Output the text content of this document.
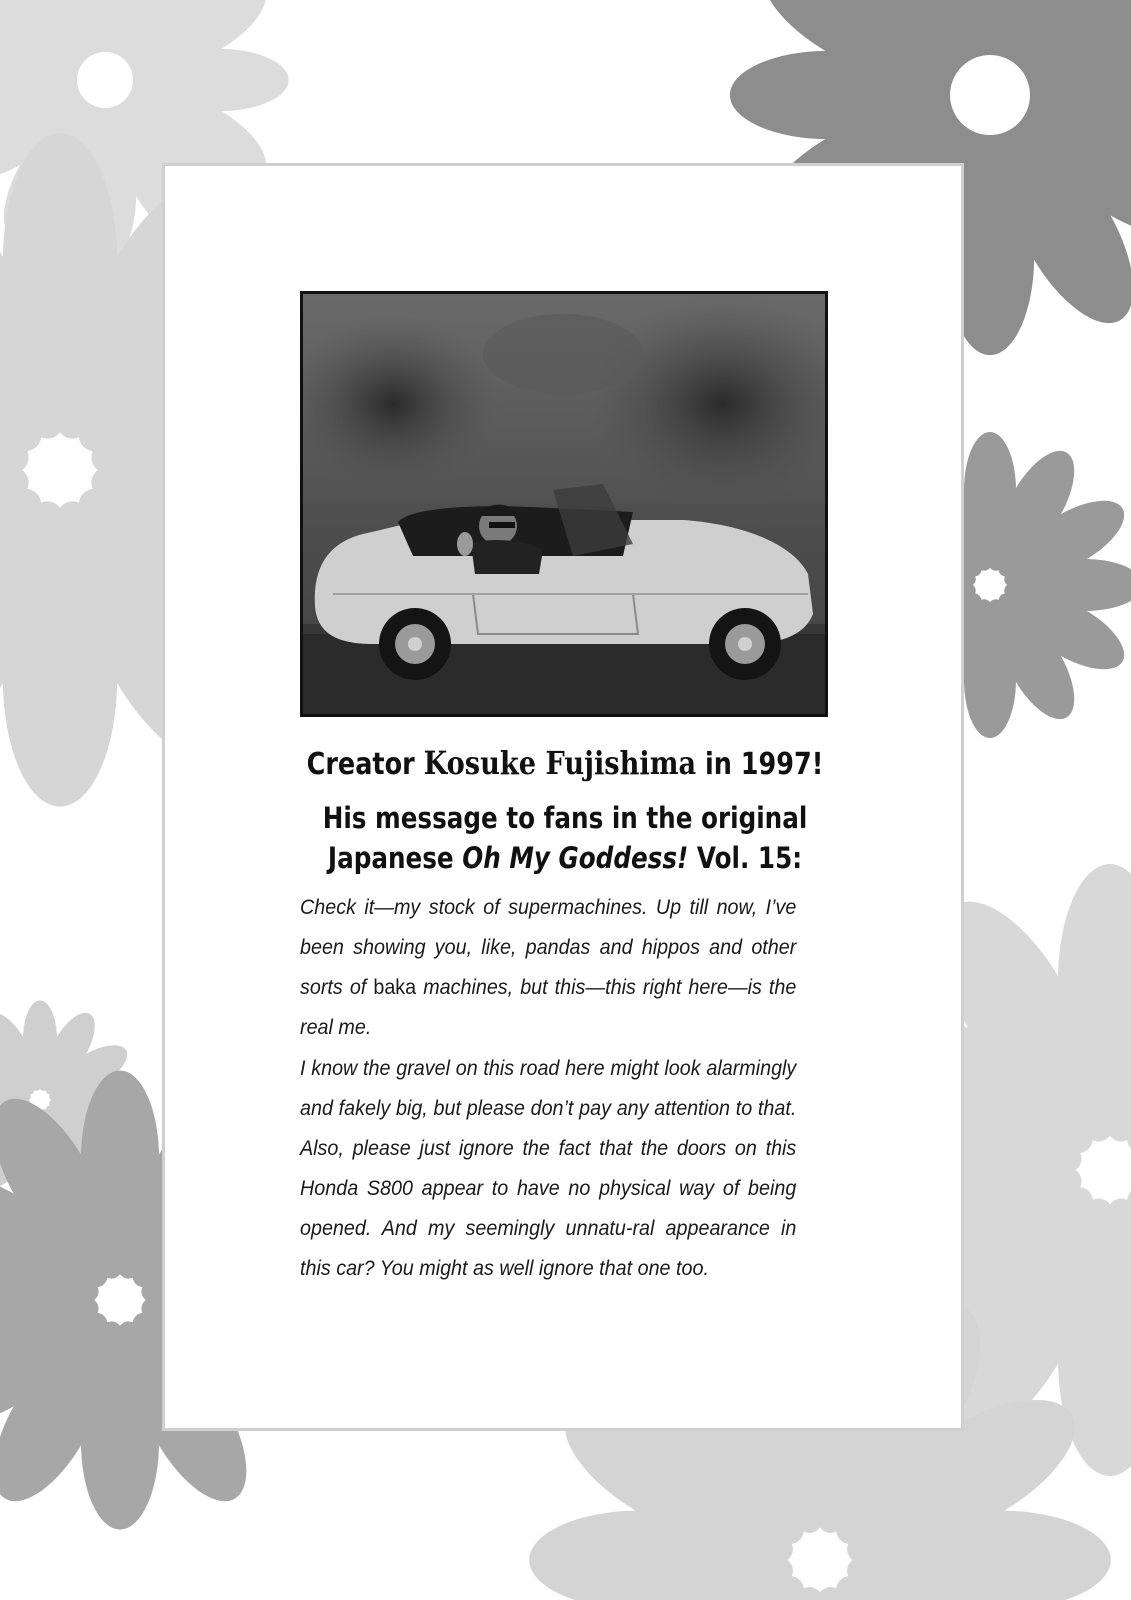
Creator Kosuke Fujishima in 1997!
His message to fans in the original
Japanese Oh My Goddess! Vol. 15:
Check it—my stock of supermachines. Up till now, I’ve been showing you, like, pandas and hippos and other sorts of baka machines, but this—this right here—is the real me.
I know the gravel on this road here might look alarmingly and fakely big, but please don’t pay any attention to that. Also, please just ignore the fact that the doors on this Honda S800 appear to have no physical way of being opened. And my seemingly unnatu-ral appearance in this car? You might as well ignore that one too.
